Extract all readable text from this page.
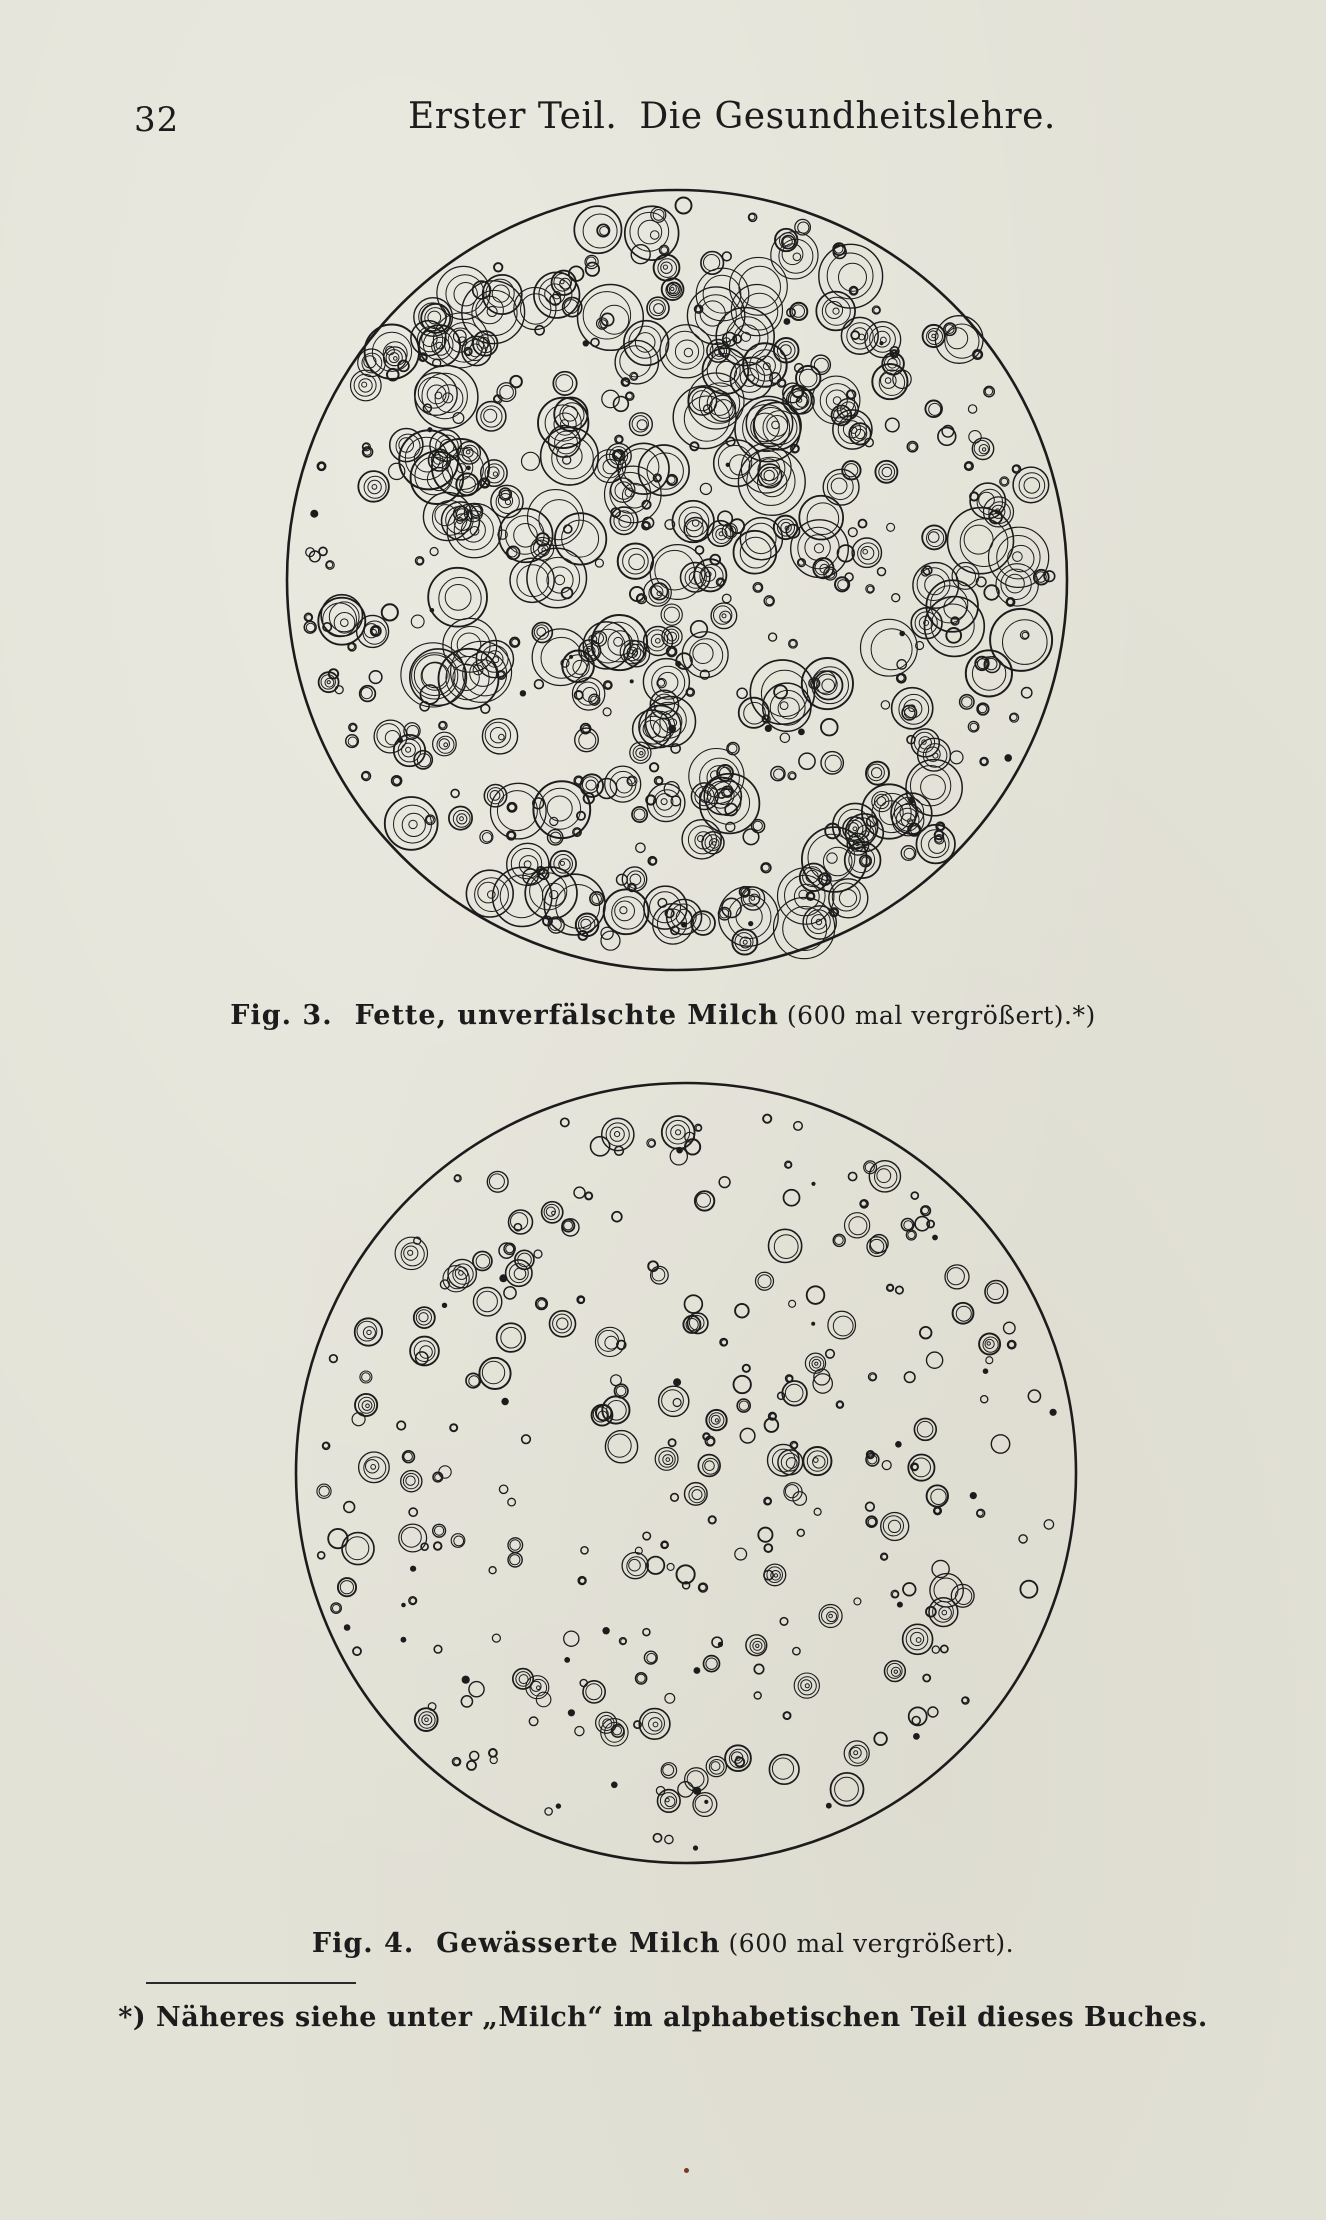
32	Erster Teil. Die Gesundheitslehre.
Fig. 3. Fette, unverfälschte Milch (600 mal vergrößert).*)
Fig. 4. Gewässerte Milch (600 mal vergrößert).
*) Näheres siehe unter „Milch“ im alphabetischen Teil dieses Buches.
